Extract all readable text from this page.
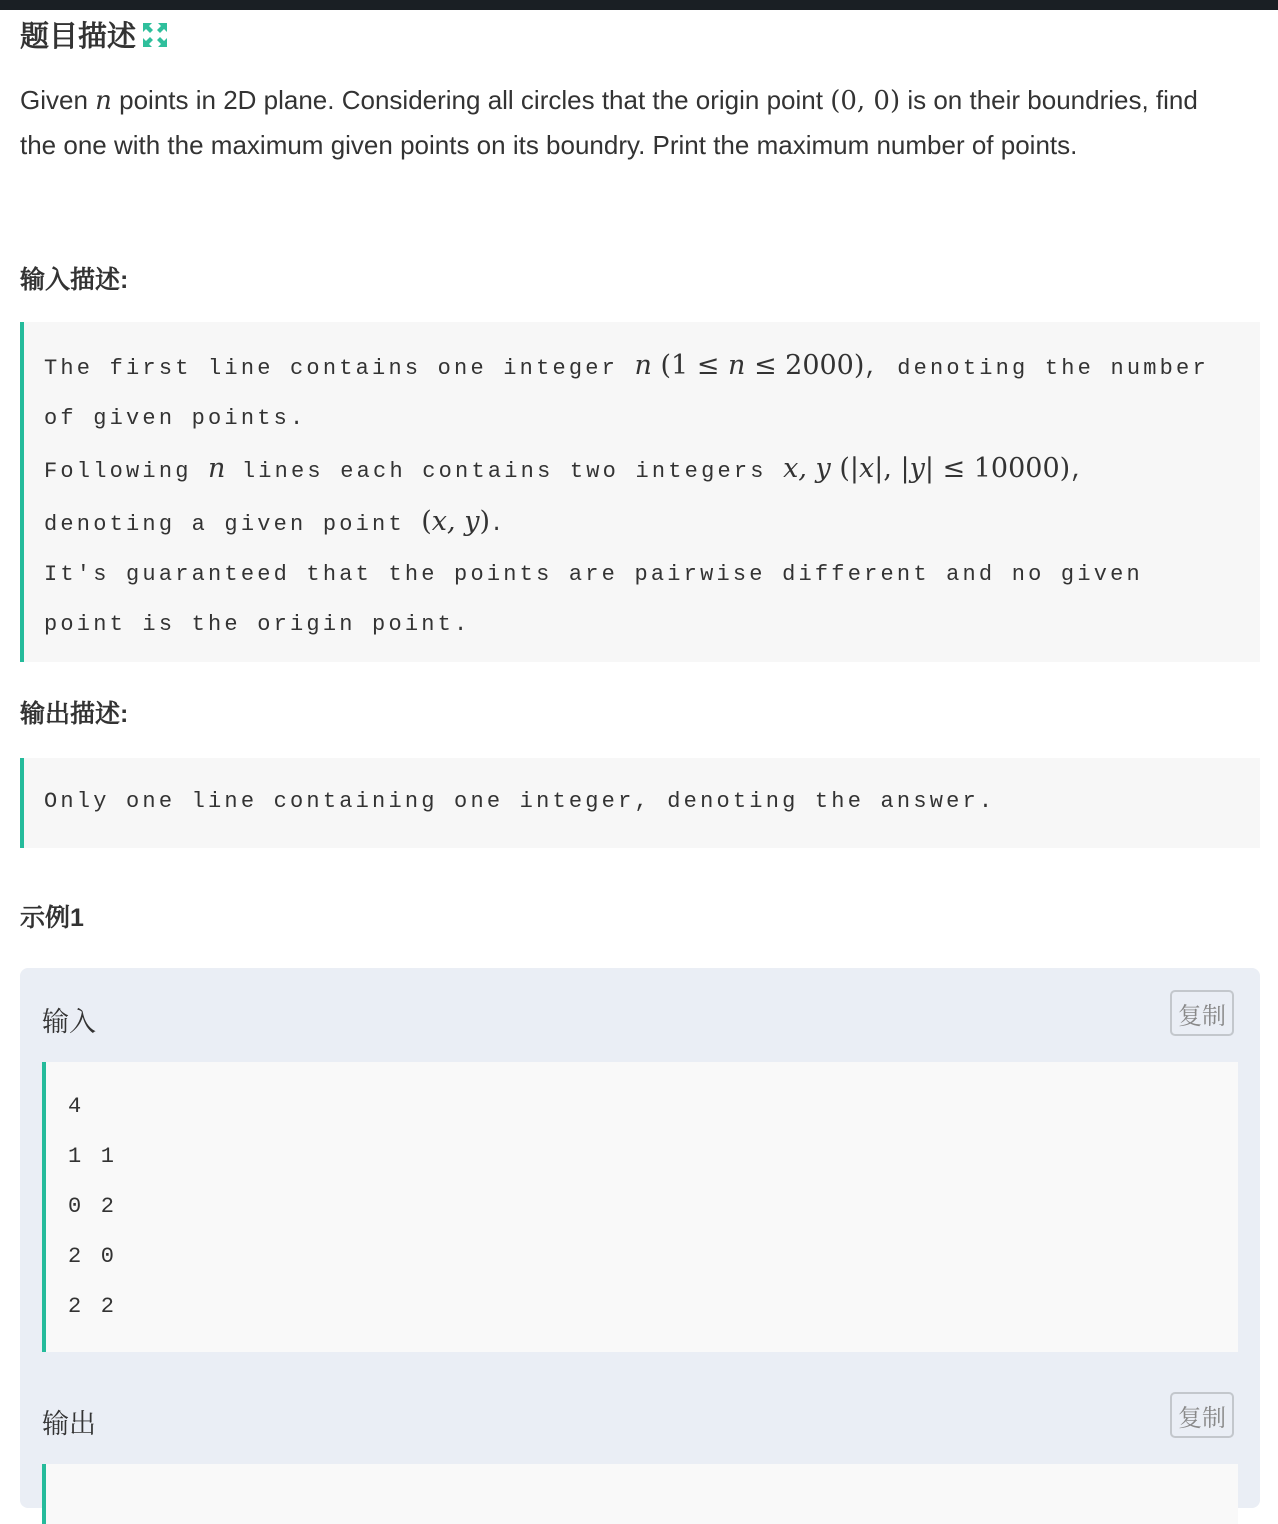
题目描述
Given n points in 2D plane. Considering all circles that the origin point (0, 0) is on their boundries, find the one with the maximum given points on its boundry. Print the maximum number of points.
输入描述:
The first line contains one integer n (1 ≤ n ≤ 2000), denoting the number
of given points.
Following n lines each contains two integers x, y (|x|, |y| ≤ 10000),
denoting a given point (x, y).
It's guaranteed that the points are pairwise different and no given
point is the origin point.
输出描述:
Only one line containing one integer, denoting the answer.
示例1
输入	复制
4
1 1
0 2
2 0
2 2
输出	复制
